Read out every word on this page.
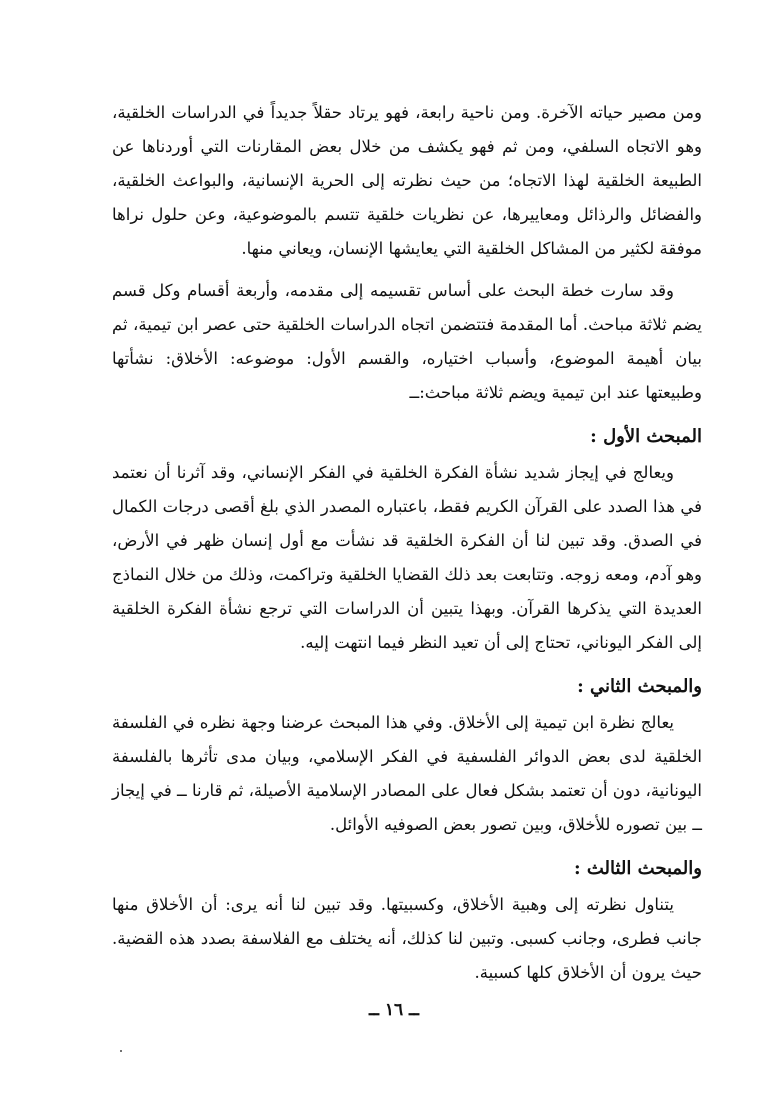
ومن مصير حياته الآخرة. ومن ناحية رابعة، فهو يرتاد حقلاً جديداً في الدراسات الخلقية، وهو الاتجاه السلفي، ومن ثم فهو يكشف من خلال بعض المقارنات التي أوردناها عن الطبيعة الخلقية لهذا الاتجاه؛ من حيث نظرته إلى الحرية الإنسانية، والبواعث الخلقية، والفضائل والرذائل ومعاييرها، عن نظريات خلقية تتسم بالموضوعية، وعن حلول نراها موفقة لكثير من المشاكل الخلقية التي يعايشها الإنسان، ويعاني منها.

وقد سارت خطة البحث على أساس تقسيمه إلى مقدمه، وأربعة أقسام وكل قسم يضم ثلاثة مباحث. أما المقدمة فتتضمن اتجاه الدراسات الخلقية حتى عصر ابن تيمية، ثم بيان أهيمة الموضوع، وأسباب اختياره، والقسم الأول: موضوعه: الأخلاق: نشأتها وطبيعتها عند ابن تيمية ويضم ثلاثة مباحث:ــ

المبحث الأول :

ويعالج في إيجاز شديد نشأة الفكرة الخلقية في الفكر الإنساني، وقد آثرنا أن نعتمد في هذا الصدد على القرآن الكريم فقط، باعتباره المصدر الذي بلغ أقصى درجات الكمال في الصدق. وقد تبين لنا أن الفكرة الخلقية قد نشأت مع أول إنسان ظهر في الأرض، وهو آدم، ومعه زوجه. وتتابعت بعد ذلك القضايا الخلقية وتراكمت، وذلك من خلال النماذج العديدة التي يذكرها القرآن. وبهذا يتبين أن الدراسات التي ترجع نشأة الفكرة الخلقية إلى الفكر اليوناني، تحتاج إلى أن تعيد النظر فيما انتهت إليه.

والمبحث الثاني :

يعالج نظرة ابن تيمية إلى الأخلاق. وفي هذا المبحث عرضنا وجهة نظره في الفلسفة الخلقية لدى بعض الدوائر الفلسفية في الفكر الإسلامي، وبيان مدى تأثرها بالفلسفة اليونانية، دون أن تعتمد بشكل فعال على المصادر الإسلامية الأصيلة، ثم قارنا ــ في إيجاز ــ بين تصوره للأخلاق، وبين تصور بعض الصوفيه الأوائل.

والمبحث الثالث :

يتناول نظرته إلى وهبية الأخلاق، وكسبيتها. وقد تبين لنا أنه يرى: أن الأخلاق منها جانب فطرى، وجانب كسبى. وتبين لنا كذلك، أنه يختلف مع الفلاسفة بصدد هذه القضية. حيث يرون أن الأخلاق كلها كسبية.

ــ ١٦ ــ
